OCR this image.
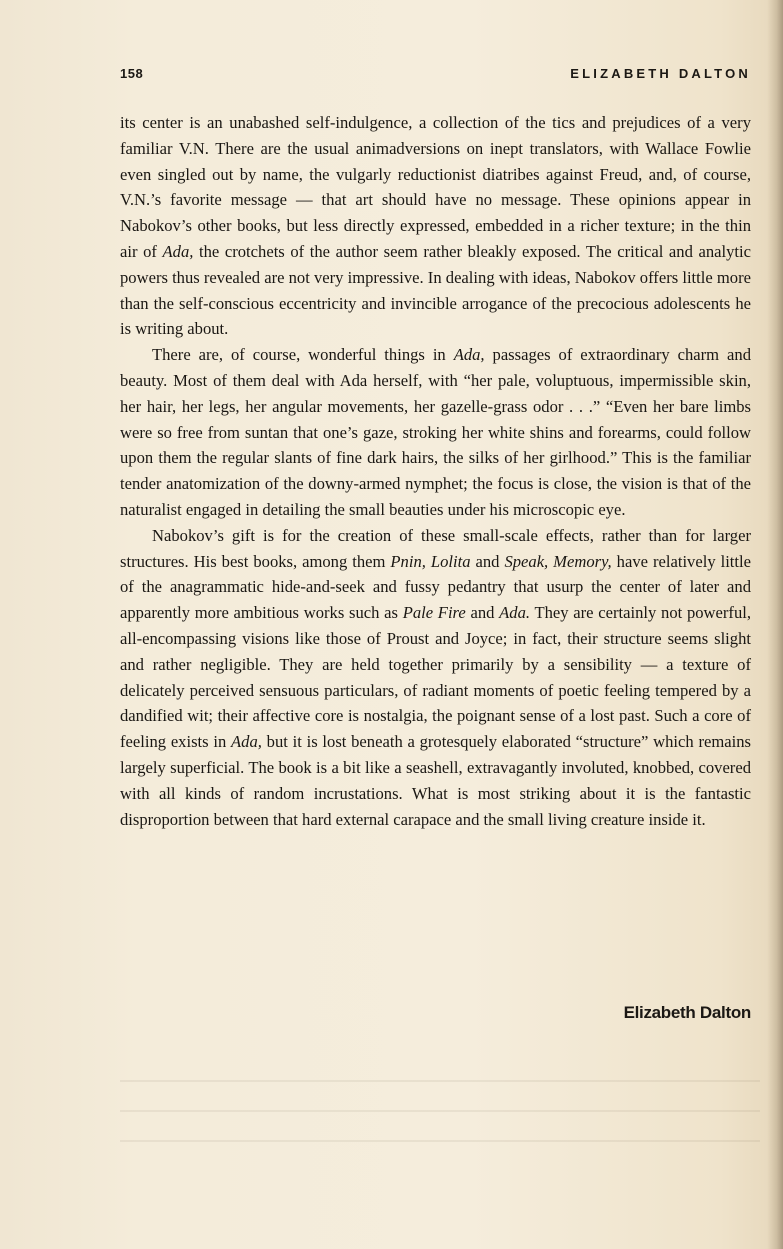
158	ELIZABETH DALTON

its center is an unabashed self-indulgence, a collection of the tics and prejudices of a very familiar V.N. There are the usual animadversions on inept translators, with Wallace Fowlie even singled out by name, the vulgarly reductionist diatribes against Freud, and, of course, V.N.’s favorite message — that art should have no message. These opinions appear in Nabokov’s other books, but less directly expressed, embedded in a richer texture; in the thin air of Ada, the crotchets of the author seem rather bleakly exposed. The critical and analytic powers thus revealed are not very impressive. In dealing with ideas, Nabokov offers little more than the self-conscious eccentricity and invincible arrogance of the precocious adolescents he is writing about.

There are, of course, wonderful things in Ada, passages of extraordinary charm and beauty. Most of them deal with Ada herself, with “her pale, voluptuous, impermissible skin, her hair, her legs, her angular movements, her gazelle-grass odor . . .” “Even her bare limbs were so free from suntan that one’s gaze, stroking her white shins and forearms, could follow upon them the regular slants of fine dark hairs, the silks of her girlhood.” This is the familiar tender anatomization of the downy-armed nymphet; the focus is close, the vision is that of the naturalist engaged in detailing the small beauties under his microscopic eye.

Nabokov’s gift is for the creation of these small-scale effects, rather than for larger structures. His best books, among them Pnin, Lolita and Speak, Memory, have relatively little of the anagrammatic hide-and-seek and fussy pedantry that usurp the center of later and apparently more ambitious works such as Pale Fire and Ada. They are certainly not powerful, all-encompassing visions like those of Proust and Joyce; in fact, their structure seems slight and rather negligible. They are held together primarily by a sensibility — a texture of delicately perceived sensuous particulars, of radiant moments of poetic feeling tempered by a dandified wit; their affective core is nostalgia, the poignant sense of a lost past. Such a core of feeling exists in Ada, but it is lost beneath a grotesquely elaborated “structure” which remains largely superficial. The book is a bit like a seashell, extravagantly involuted, knobbed, covered with all kinds of random incrustations. What is most striking about it is the fantastic disproportion between that hard external carapace and the small living creature inside it.

Elizabeth Dalton
